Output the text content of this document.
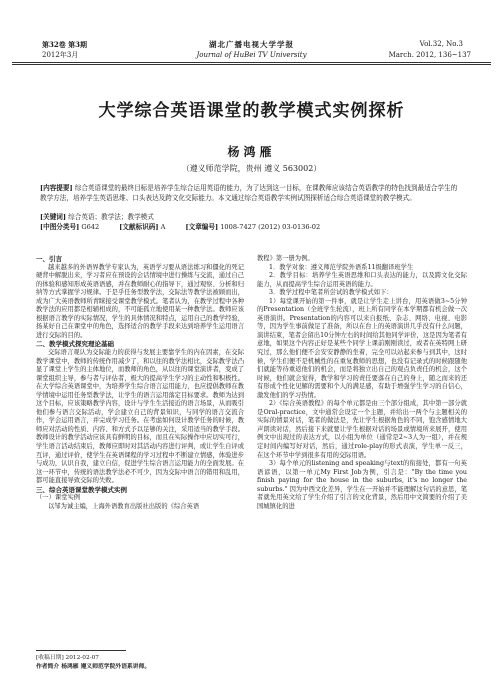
第32卷 第3期	湖北广播电视大学学报	Vol.32, No.3
2012年3月	Journal of HuBei TV University	March. 2012, 136~137
大学综合英语课堂的教学模式实例探析
杨鸿雁
（遵义师范学院，贵州 遵义 563002）

[内容提要] 综合英语课堂的最终目标是培养学生综合运用英语的能力，为了达到这一目标，在课教师应该结合英语教学的特色找到最适合学生的教学方法，培养学生英语思维、口头表达及跨文化交际能力。本文通过综合英语教学实例试图探析适合综合英语课堂的教学模式。

[关键词] 综合英语；教学法；教学模式
[中图分类号] G642	[文献标识码] A	[文章编号] 1008-7427 (2012) 03-0136-02
一、引言

越来越多的外语界教学专家认为，英语学习要从语法练习和僵化的死记硬背中解脱出来，学习者应在预设的会话情境中进行操练与交流，通过自己的体验和感知形成英语语感，并在教师耐心的指导下，通过观察、分析和归纳等方式掌握学习规律。于是乎任务型教学法，交际法等教学法被顾而出，成为广大英语教师所青睐接受课堂教学模式。笔者认为，在教学过程中各种教学法的应用都是相辅相成的，不可能孤立地使用某一种教学法。教师应该根据语言教学的实际情况，学生的具体情况和特点，运用自己的教学经验，扬某好自己在课堂中的角色，选择适合的教学手段来达到培养学生运用语言进行交际的目的。

二、教学模式探究理论基础

交际语言观认为交际能力的获得与发展主要靠学生的内在因素，在交际教学课堂中，教师的传统作用减少了，和以往的教学法相比，交际教学法凸显了课堂上学生的主体地位，而教师的角色，从以往的课堂演讲者，变成了课堂组织主导，参与者与评估者，极大的提高学生学习的主动性和积极性。在大学综合英语课堂中，为培养学生综合语言运用能力，也应提倡教师在教学情境中运用任务型教学法，让学生的语言运用落定目标要求。教师为达到这个目标，应该策略教学内容，设计与学生生活接近的语言场景，从而吸引他们参与语言交际活动，学会建立自己的背景知识，与同学的语言交流合作，学会运用语言，并完成学习任务。在考虑如何设计教学任务的时候，教师应对活动的性质、内容、和方式予以足够的关注，采用适当的教学手段。教师设计的教学活动应该具有鲜明的目标，而且在实际操作中应切实可行，学生语言活动结束后，教师应即时对其活动内容进行评判，或让学生自评或互评，通过评价，使学生在英语课程的学习过程中不断建立情感，体验进步与成功，认识自我，建立自信，促进学生综合语言运用能力的全面发展。在这一环节中，传统的语法教学法必不可少，因为交际中语言的错用和乱用，都可能直接导致交际的失败。

三、综合英语课堂教学模式实例
（一）课堂实例

以邹为诚主编，上海外语教育出版社出版的《综合英语

教程》第一册为例。

1．教学对象：遵义师范学院外语系11级翻译班学生

2．教学目标：培养学生英语思维和口头表达的能力，以及跨文化交际能力，从而提高学生综合运用英语的能力。

3．教学过程中笔者所尝试的教学模式如下：

1）每堂课开始的第一件事，就是让学生走上讲台，用英语做3~5分钟的Presentation（全班学生轮流），班上所有同学在本学期都有机会做一次英语演讲。Presentation的内容可以来自报纸、杂志、网络、电视、电影等，因为学生事前做足了准备，所以在台上的英语演讲几乎没有什么问题，演讲结束，笔者会留出10分钟左右的时间给其他同学评价，这是因为笔者有意地，如果这个内容正好是某些个同学上课前刚刚读过，或者在英特网上研究过，那么他们便不会安安静静的坐着，完全可以站起来参与到其中，这时候，学生们便不是机械性的在重复教师的思想，也没有记录式的时候跟随他们就能等待重返他们的机会，而是将独立出自己的观点负责任的机会，这个时候，他们就会觉得，教学和学习的责任要落在自己的身上，随之而来的还有形成个性化见解的需要和个人的满足感，有助于增强学生学习的自信心，激发他们的学习热情。

2）《综合英语教程》的每个单元都是由三个部分组成，其中第一部分就是Oral-practice，文中通常会设定一个主题，并给出一两个与主题相关的实际的情景对话，笔者的做法是，先让学生根据角色的不同，饱含感情地大声朗读对话，然后接下来就要让学生根据对话的场景或情境所来展开，使用例文中出现过的表达方式，以小组为单位（通常是2~3人为一组），并在规定时间内编写好对话，然后，通过role-play的形式表演，学生单一反三，在这个环节中学到很多有用的交际用语。

3）每个单元的listening and speaking与text的衔接处，都有一句英语谚语，以第一单元My First Job为例，引言是："By the time you finish paying for the house in the suburbs, it's no longer the suburbs." 因为中西文化差异，学生在一开始并不能理解这句话的意思，笔者就先用英文给了学生介绍了引言的文化背景，然后用中文简要的介绍了美国城镇化的进

[收稿日期] 2012-02-07
作者简介 杨鸿雁 遵义师范学院外语系讲师。
